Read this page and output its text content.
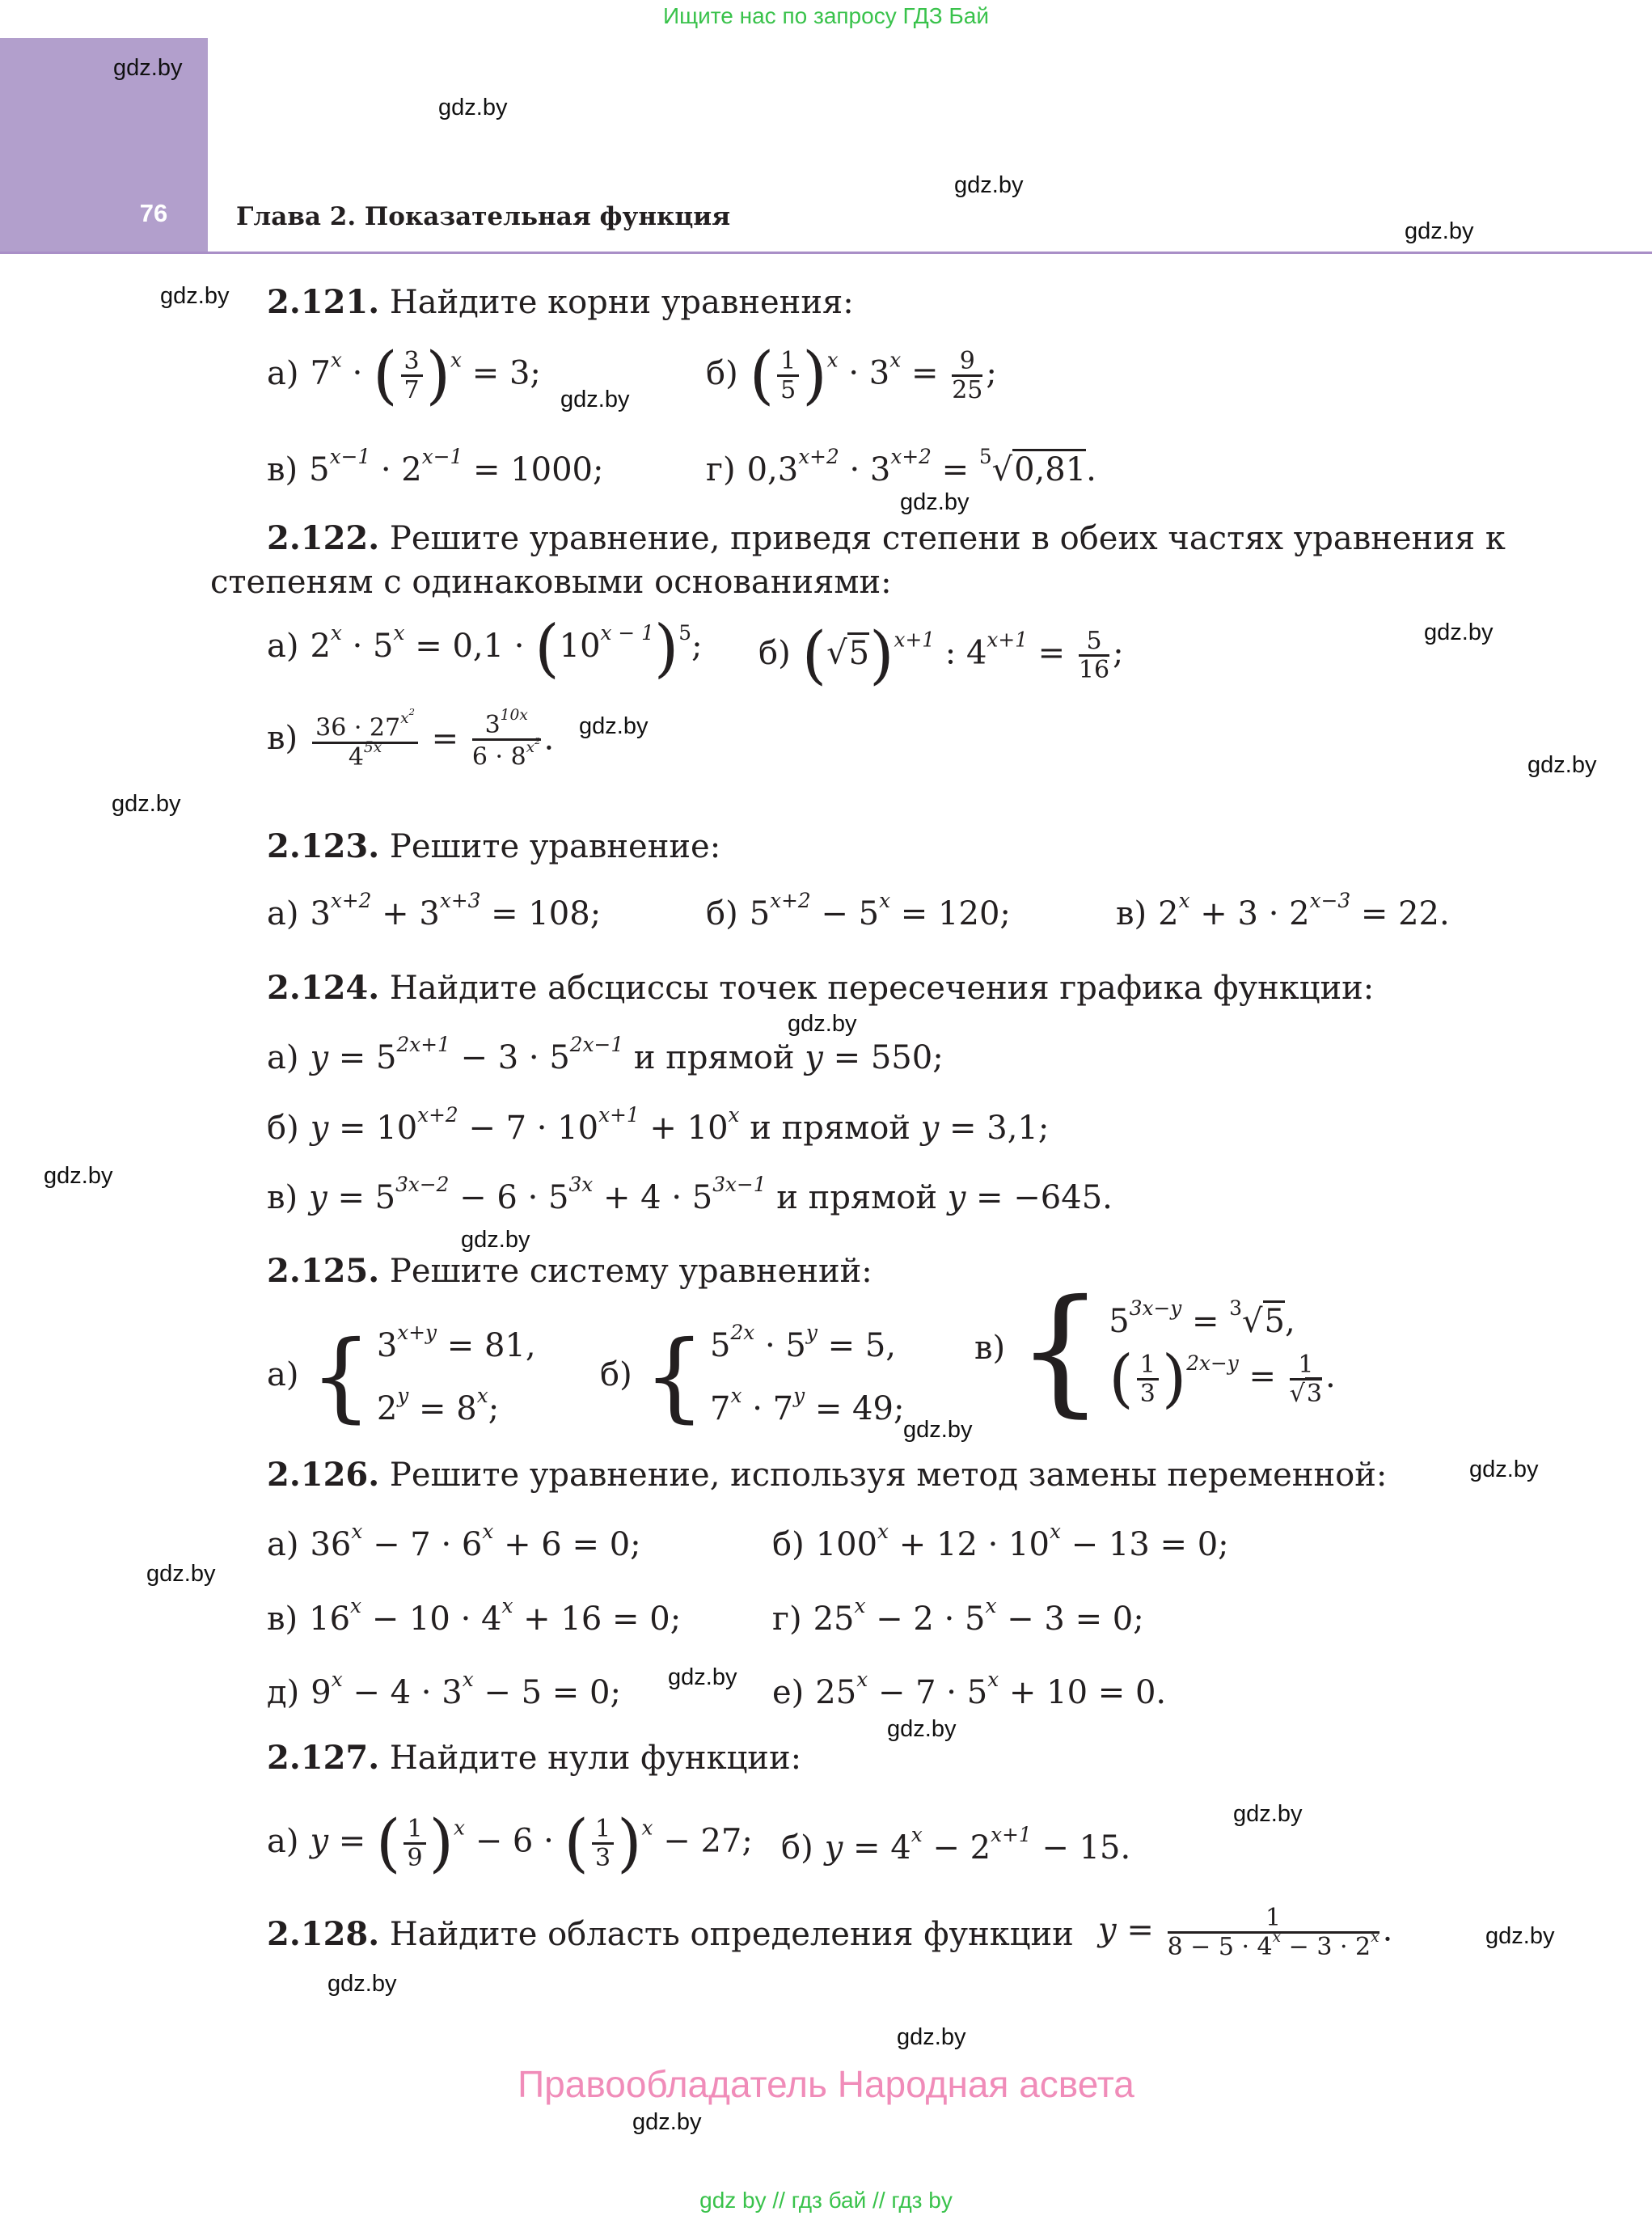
Ищите нас по запросу ГДЗ Бай
76	Глава 2. Показательная функция
gdz.by
gdz.by
gdz.by
gdz.by
gdz.by
gdz.by
gdz.by
gdz.by
gdz.by
gdz.by
gdz.by
gdz.by
gdz.by
gdz.by
gdz.by
gdz.by
gdz.by
gdz.by
gdz.by
gdz.by
gdz.by
gdz.by
gdz.by
gdz.by
2.121. Найдите корни уравнения:
а) $7^x$ · ( $\frac{3}{7} )^x = 3$;	б) ( $\frac{1}{5} )^x \cdot 3^x = \frac{9}{25}$ ;
в) $5^{x-1} \cdot 2^{x-1} = 1000$;	г) $0,3^{x+2} \cdot 3^{x+2} = ^5√0,81$.
2.122. Решите уравнение, приведя степени в обеих частях уравнения к
степеням с одинаковыми основаниями:
а) $2^x \cdot 5^x = 0,1 \cdot (10^{x - 1})^5$; б) $(√5)^{x+1}$ : $4^{x+1} = \frac{5}{16}$ ;
$в) \frac{36 \cdot 27^{x^2}}{4^{5x}} = \frac{3^{10x}}{6 \cdot 8^{x^2}}$ .
2.123. Решите уравнение:
а) $3^{x+2} + 3^{x+3} = 108$;	б) $5^{x+2} - 5^x = 120$;	в) $2^x + 3 \cdot 2^{x-3} = 22$.
2.124. Найдите абсциссы точек пересечения графика функции:
а) $y = 5^{2x+1} - 3 \cdot 5^{2x-1}$ и прямой y = 550;
б) $y = 10^{x+2} - 7 \cdot 10^{x+1} + 10^x$ и прямой y = 3,1;
в) $y = 5^{3x-2} - 6 \cdot 5^{3x} + 4 \cdot 5^{3x-1}$ и прямой y = −645.
2.125. Решите систему уравнений:
а) { $3^{x+y} = 81$,
$2^y = 8^x$;
б) { $5^{2x} \cdot 5^y = 5$,
$7^x \cdot 7^y = 49$;
в){ $5^{3x-y} = ^3√5$,
( $\frac{1}{3} )^{2x-y} = \frac{1}{√3}$ .
2.126. Решите уравнение, используя метод замены переменной:
а) $36^x - 7 \cdot 6^x + 6 = 0$;	б) $100^x + 12 \cdot 10^x - 13 = 0$;
в) $16^x - 10 \cdot 4^x + 16 = 0$;	г) $25^x - 2 \cdot 5^x - 3 = 0$;
д) $9^x - 4 \cdot 3^x - 5 = 0$;	е) $25^x - 7 \cdot 5^x + 10 = 0$.
2.127. Найдите нули функции:
а) y = ( $\frac{1}{9} )^x - 6$ · ( $\frac{1}{3} )^x - 27$; б) $y = 4^x - 2^{x+1} - 15$.
2.128. Найдите область определения функции $y = \frac{1}{8 - 5 \cdot 4^x - 3 \cdot 2^x}$ .
Правообладатель Народная асвета
gdz by // гдз бай // гдз by
